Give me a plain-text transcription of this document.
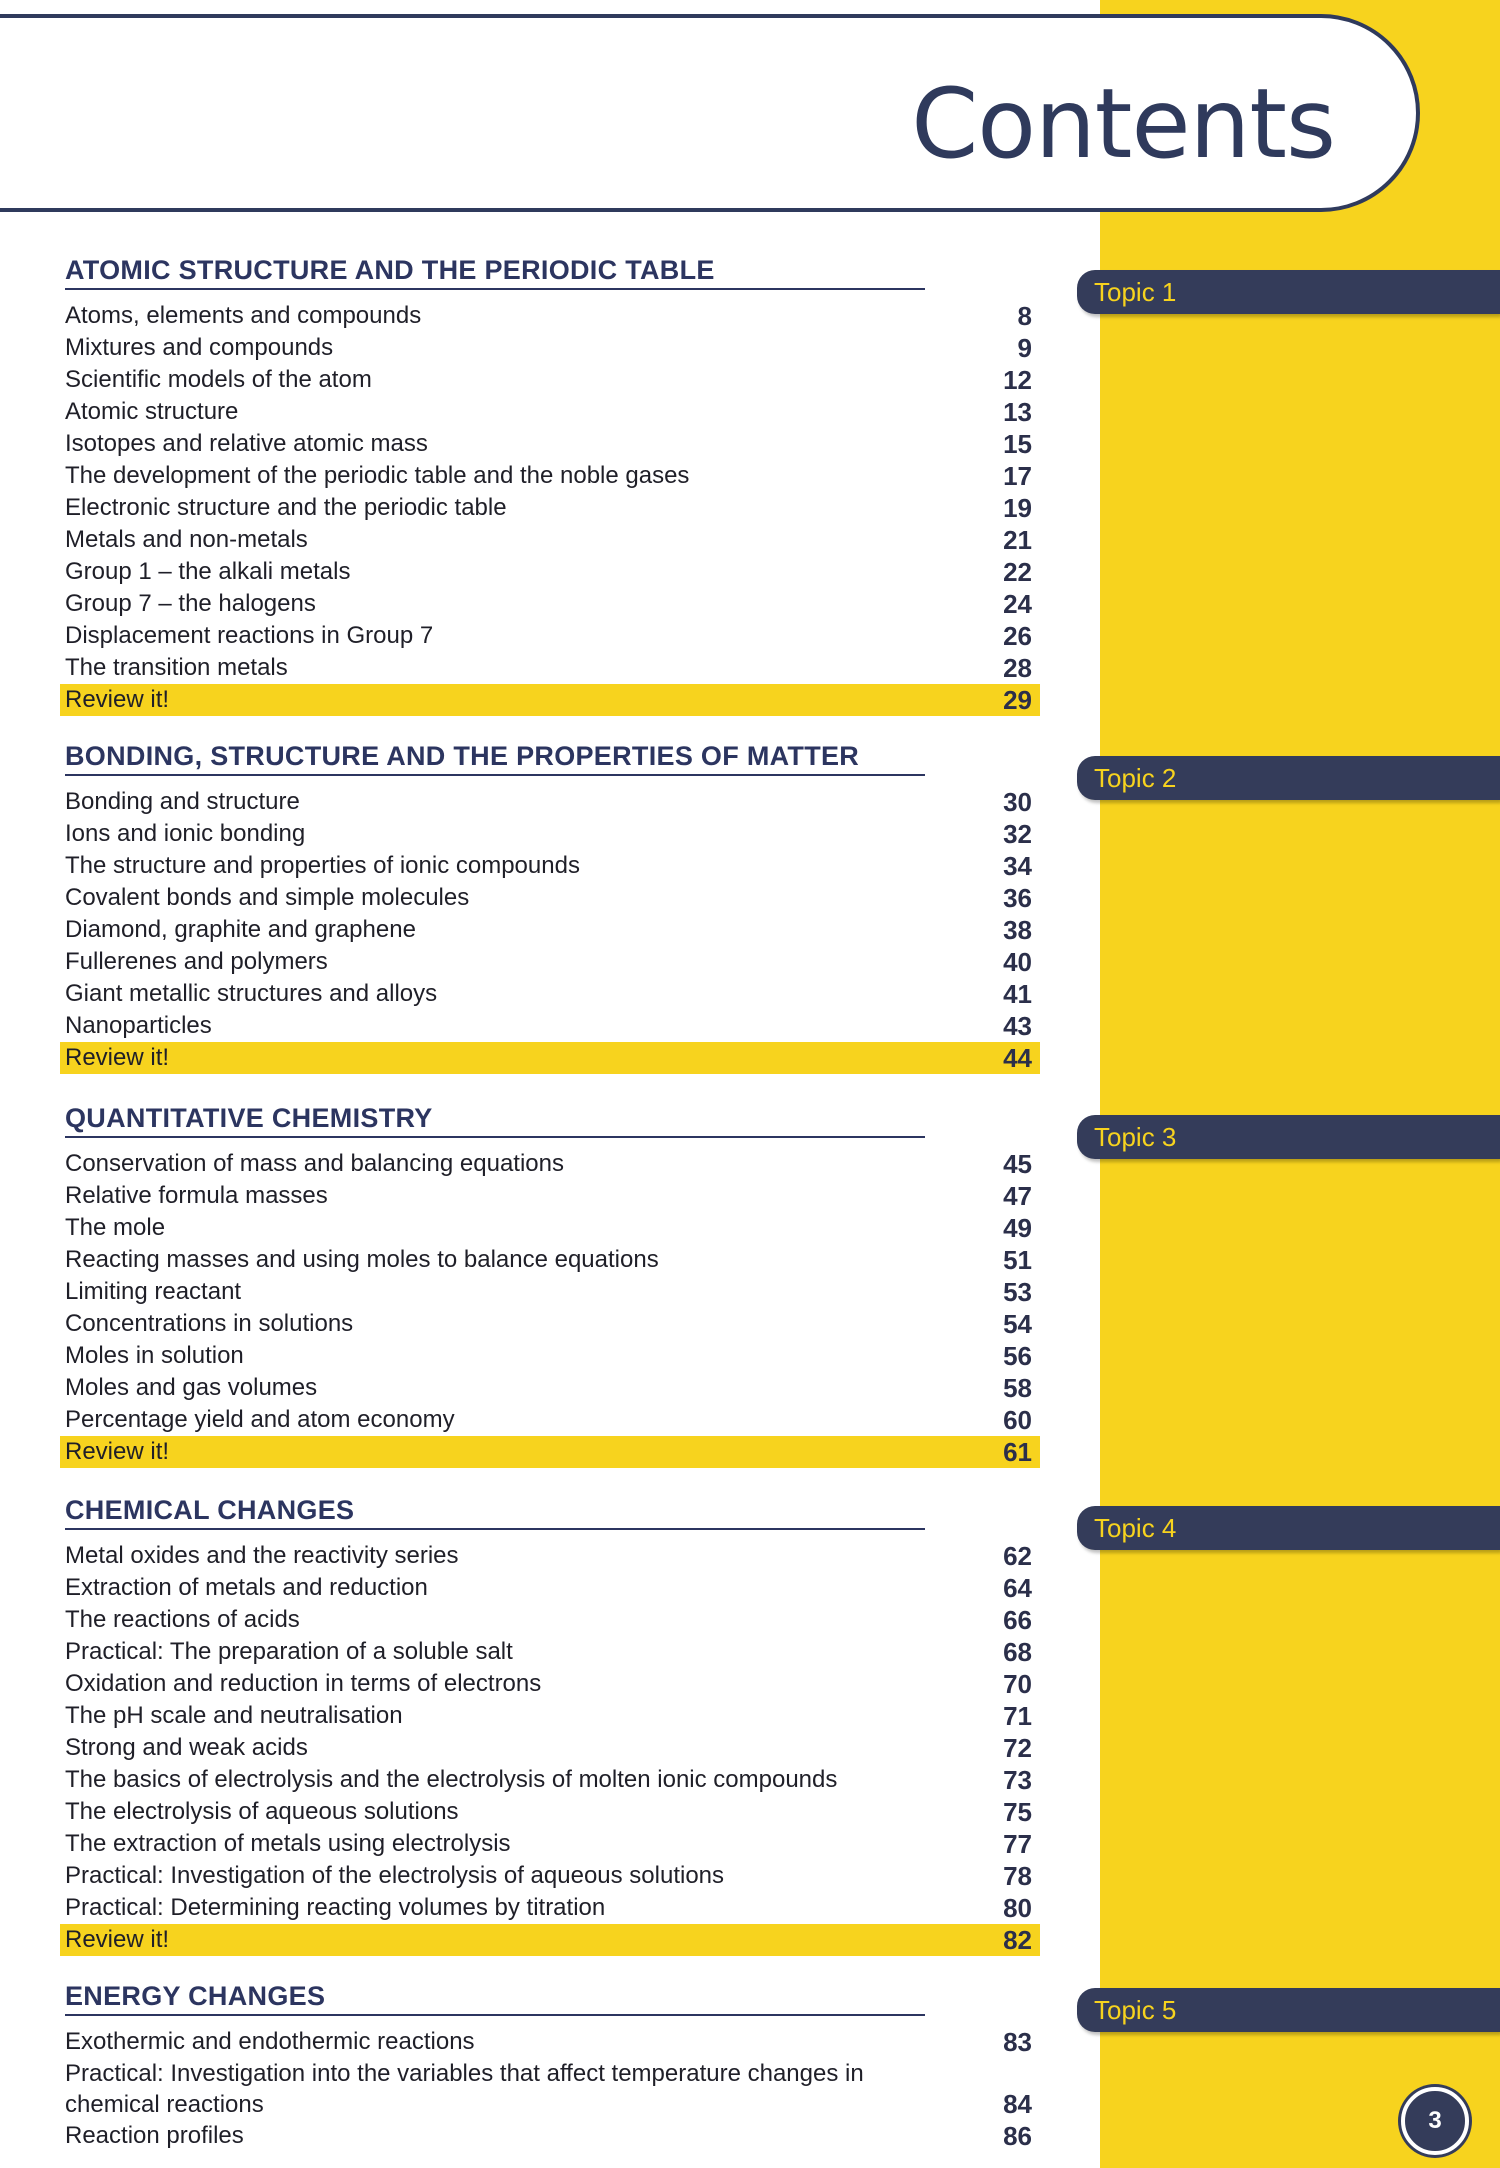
Contents
Topic 1
Topic 2
Topic 3
Topic 4
Topic 5
ATOMIC STRUCTURE AND THE PERIODIC TABLE
Atoms, elements and compounds	8
Mixtures and compounds	9
Scientific models of the atom	12
Atomic structure	13
Isotopes and relative atomic mass	15
The development of the periodic table and the noble gases	17
Electronic structure and the periodic table	19
Metals and non-metals	21
Group 1 – the alkali metals	22
Group 7 – the halogens	24
Displacement reactions in Group 7	26
The transition metals	28
Review it!	29
BONDING, STRUCTURE AND THE PROPERTIES OF MATTER
Bonding and structure	30
Ions and ionic bonding	32
The structure and properties of ionic compounds	34
Covalent bonds and simple molecules	36
Diamond, graphite and graphene	38
Fullerenes and polymers	40
Giant metallic structures and alloys	41
Nanoparticles	43
Review it!	44
QUANTITATIVE CHEMISTRY
Conservation of mass and balancing equations	45
Relative formula masses	47
The mole	49
Reacting masses and using moles to balance equations	51
Limiting reactant	53
Concentrations in solutions	54
Moles in solution	56
Moles and gas volumes	58
Percentage yield and atom economy	60
Review it!	61
CHEMICAL CHANGES
Metal oxides and the reactivity series	62
Extraction of metals and reduction	64
The reactions of acids	66
Practical: The preparation of a soluble salt	68
Oxidation and reduction in terms of electrons	70
The pH scale and neutralisation	71
Strong and weak acids	72
The basics of electrolysis and the electrolysis of molten ionic compounds	73
The electrolysis of aqueous solutions	75
The extraction of metals using electrolysis	77
Practical: Investigation of the electrolysis of aqueous solutions	78
Practical: Determining reacting volumes by titration	80
Review it!	82
ENERGY CHANGES
Exothermic and endothermic reactions	83
Practical: Investigation into the variables that affect temperature changes in chemical reactions	84
Reaction profiles	86
3
